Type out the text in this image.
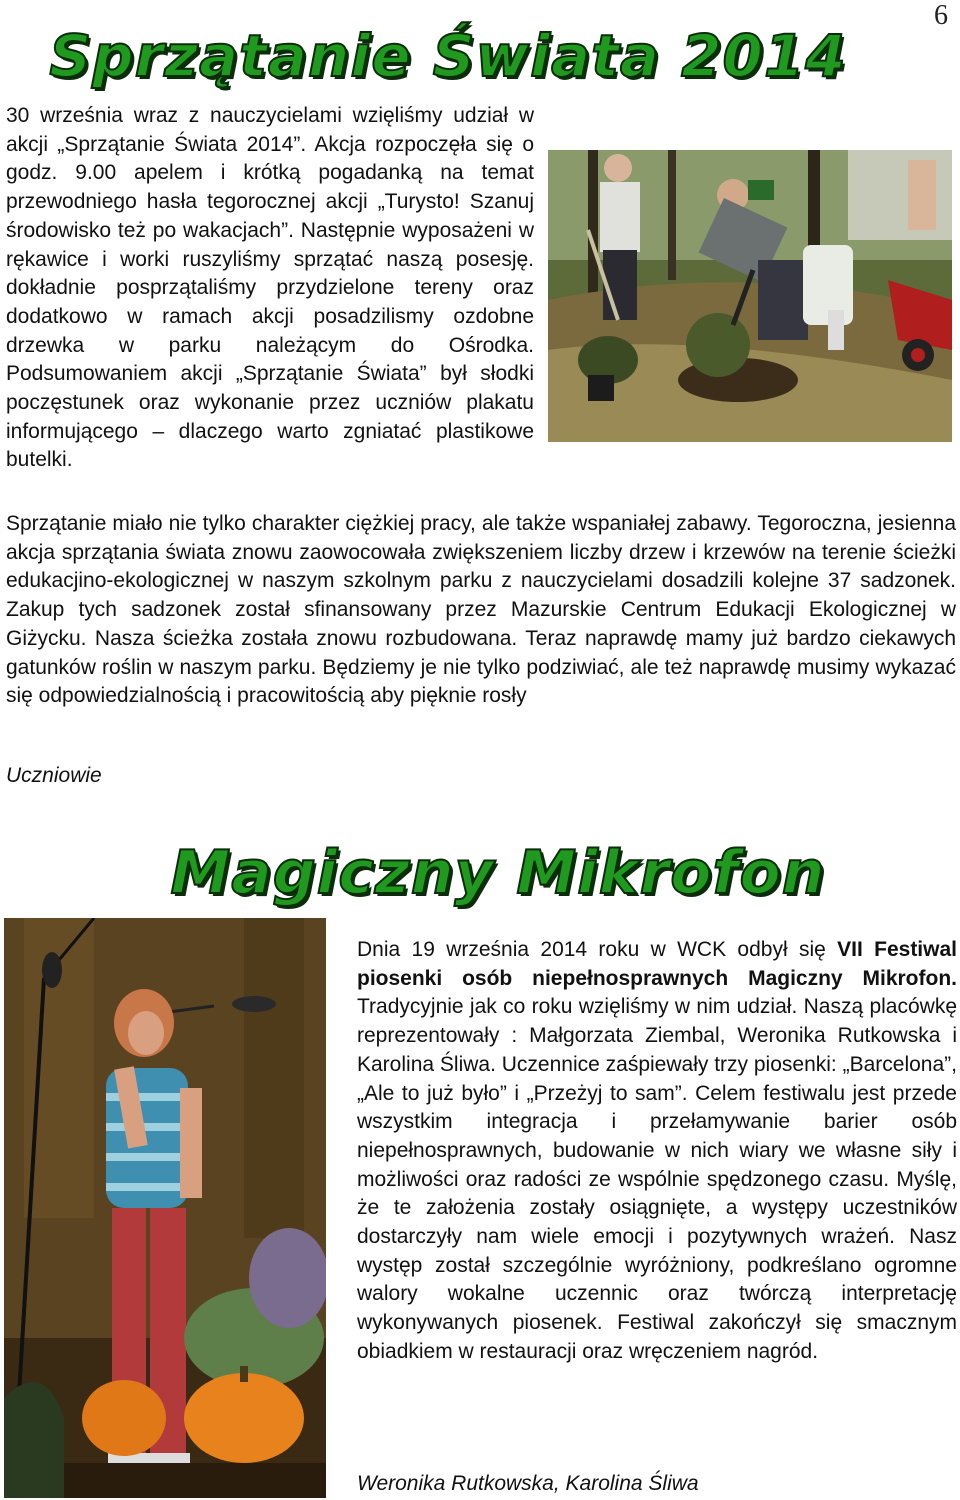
6
Sprzątanie Świata 2014
30 września wraz z nauczycielami wzięliśmy udział w akcji „Sprzątanie Świata 2014”. Akcja rozpoczęła się o godz. 9.00 apelem i krótką pogadanką na temat przewodniego hasła tegorocznej akcji „Turysto! Szanuj środowisko też po wakacjach”. Następnie wyposażeni w rękawice i worki ruszyliśmy sprzątać naszą posesję. dokładnie posprzątaliśmy przydzielone tereny oraz dodatkowo w ramach akcji posadzilismy ozdobne drzewka w parku należącym do Ośrodka. Podsumowaniem akcji „Sprzątanie Świata” był słodki poczęstunek oraz wykonanie przez uczniów plakatu informującego – dlaczego warto zgniatać plastikowe butelki.
Sprzątanie miało nie tylko charakter ciężkiej pracy, ale także wspaniałej zabawy. Tegoroczna, jesienna akcja sprzątania świata znowu zaowocowała zwiększeniem liczby drzew i krzewów na terenie ścieżki edukacjino-ekologicznej w naszym szkolnym parku z nauczycielami dosadzili kolejne 37 sadzonek. Zakup tych sadzonek został sfinansowany przez Mazurskie Centrum Edukacji Ekologicznej w Giżycku. Nasza ścieżka została znowu rozbudowana. Teraz naprawdę mamy już bardzo ciekawych gatunków roślin w naszym parku. Będziemy je nie tylko podziwiać, ale też naprawdę musimy wykazać się odpowiedzialnością i pracowitością aby pięknie rosły
Uczniowie
Magiczny Mikrofon
Dnia 19 września 2014 roku w WCK odbył się VII Festiwal piosenki osób niepełnosprawnych Magiczny Mikrofon. Tradycyjnie jak co roku wzięliśmy w nim udział. Naszą placówkę reprezentowały : Małgorzata Ziembal, Weronika Rutkowska i Karolina Śliwa. Uczennice zaśpiewały trzy piosenki: „Barcelona”, „Ale to już było” i „Przeżyj to sam”. Celem festiwalu jest przede wszystkim integracja i przełamywanie barier osób niepełnosprawnych, budowanie w nich wiary we własne siły i możliwości oraz radości ze wspólnie spędzonego czasu. Myślę, że te założenia zostały osiągnięte, a występy uczestników dostarczyły nam wiele emocji i pozytywnych wrażeń. Nasz występ został szczególnie wyróżniony, podkreślano ogromne walory wokalne uczennic oraz twórczą interpretację wykonywanych piosenek. Festiwal zakończył się smacznym obiadkiem w restauracji oraz wręczeniem nagród.
Weronika Rutkowska, Karolina Śliwa
